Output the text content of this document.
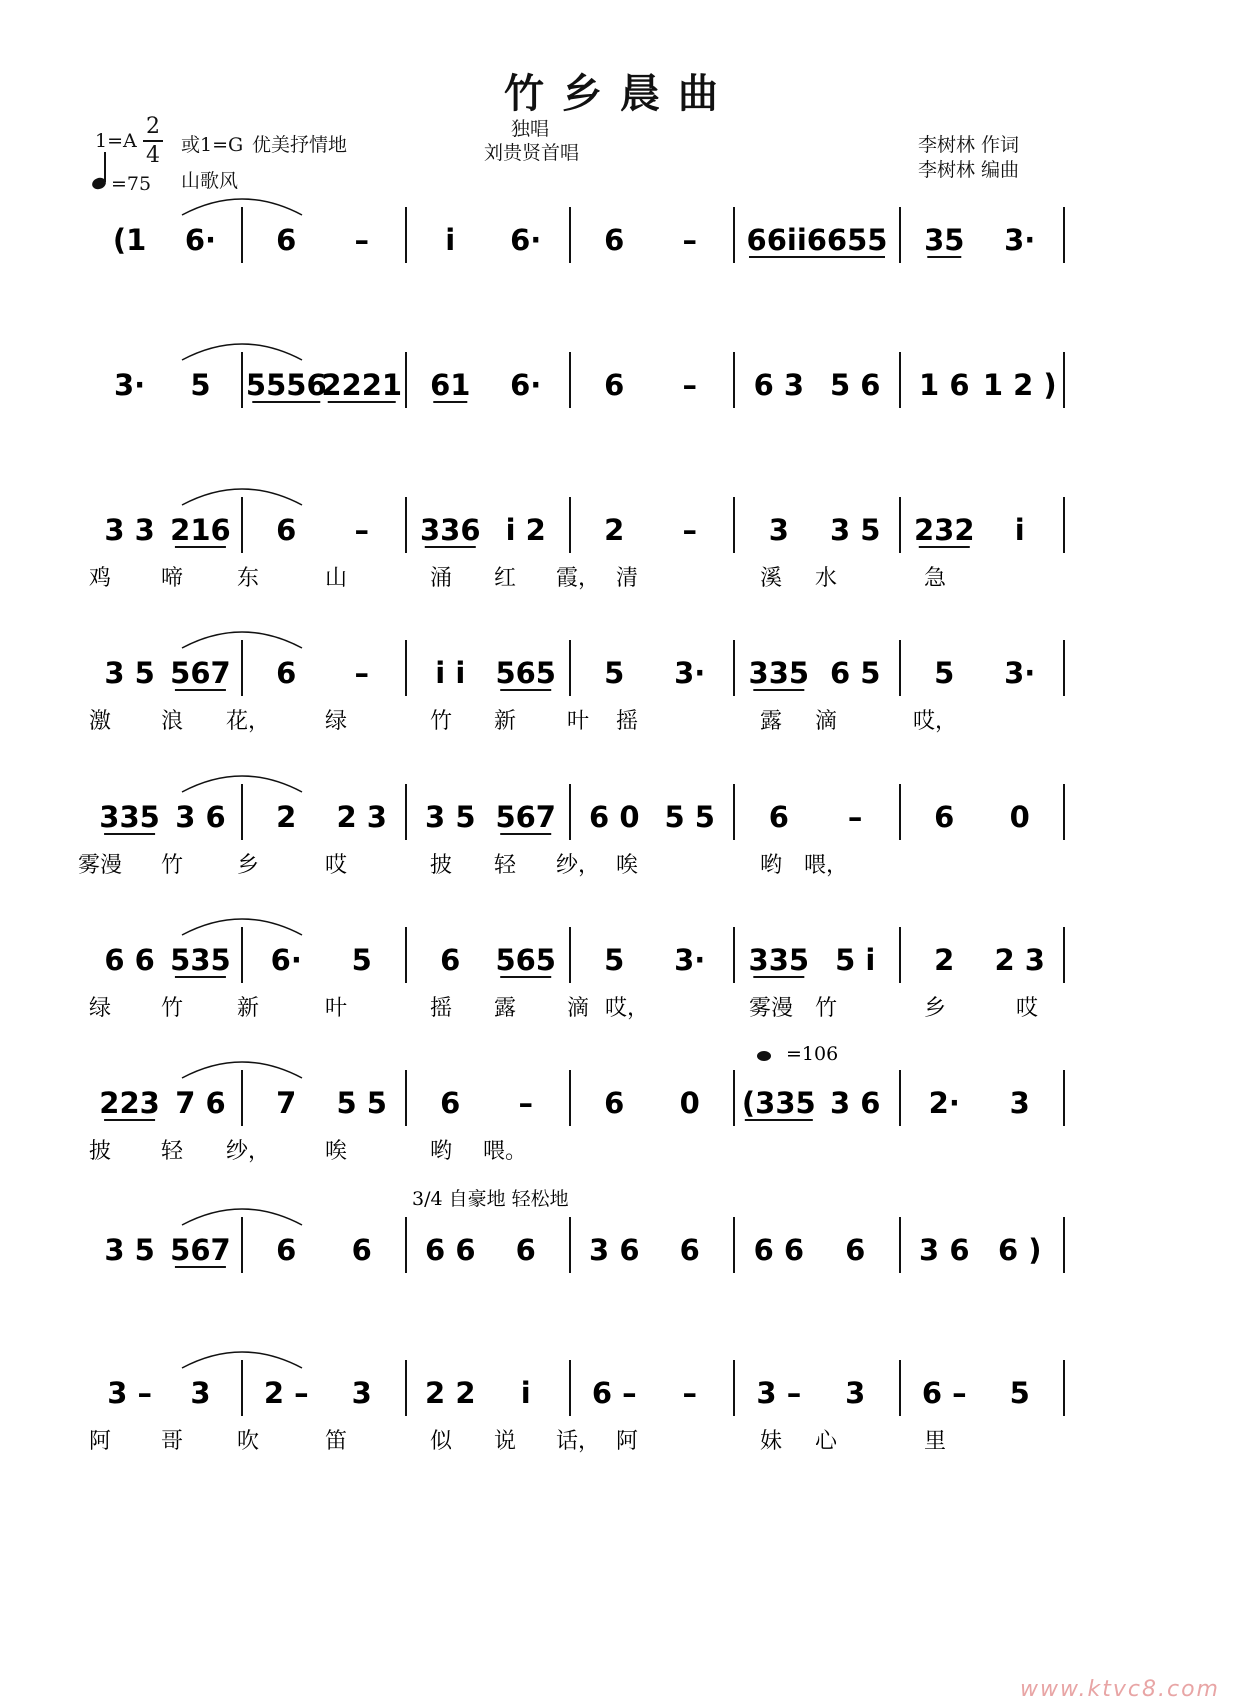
竹乡晨曲
1=A
2
4 或1=G 优美抒情地
=75 山歌风
独唱
刘贵贤首唱	李树林 作词
李树林 编曲
(1 6· 6 –	i 6· 6 – 66ii6655 35 3·
3· 5 5556
2221 61 6· 6 – 6 3 5 6 1 6 1 2 )
3 3 216 6 – 336 i 2 2 – 3 3 5 232 i
鸡 啼 东	山	涌 红 霞， 清	溪 水	急
3 5 567 6 – i i 565 5 3· 335 6 5 5 3·
激 浪 花， 绿	竹 新 叶 摇	露 滴	哎，
335 3 6 2 2 3 3 5 567 6 0 5 5 6 – 6 0
雾漫 竹 乡	哎	披 轻 纱， 唉	哟 喂，
6 6 535 6· 5 6 565 5 3· 335 5 i 2 2 3
绿 竹 新	叶	摇 露 滴 哎，	雾漫 竹	乡	哎
223 7 6 7 5 5 6 – 6 0 (335 3 6 2· 3
披 轻 纱， 唉	哟 喂。
=106
3 5 567 6 6 6 6 6 3 6 6 6 6 6 3 6 6 )
3/4 自豪地 轻松地
3 – 3 2 – 3 2 2 i 6 – – 3 – 3 6 – 5
阿 哥 吹	笛	似 说 话， 阿	妹 心	里
www.ktvc8.com
